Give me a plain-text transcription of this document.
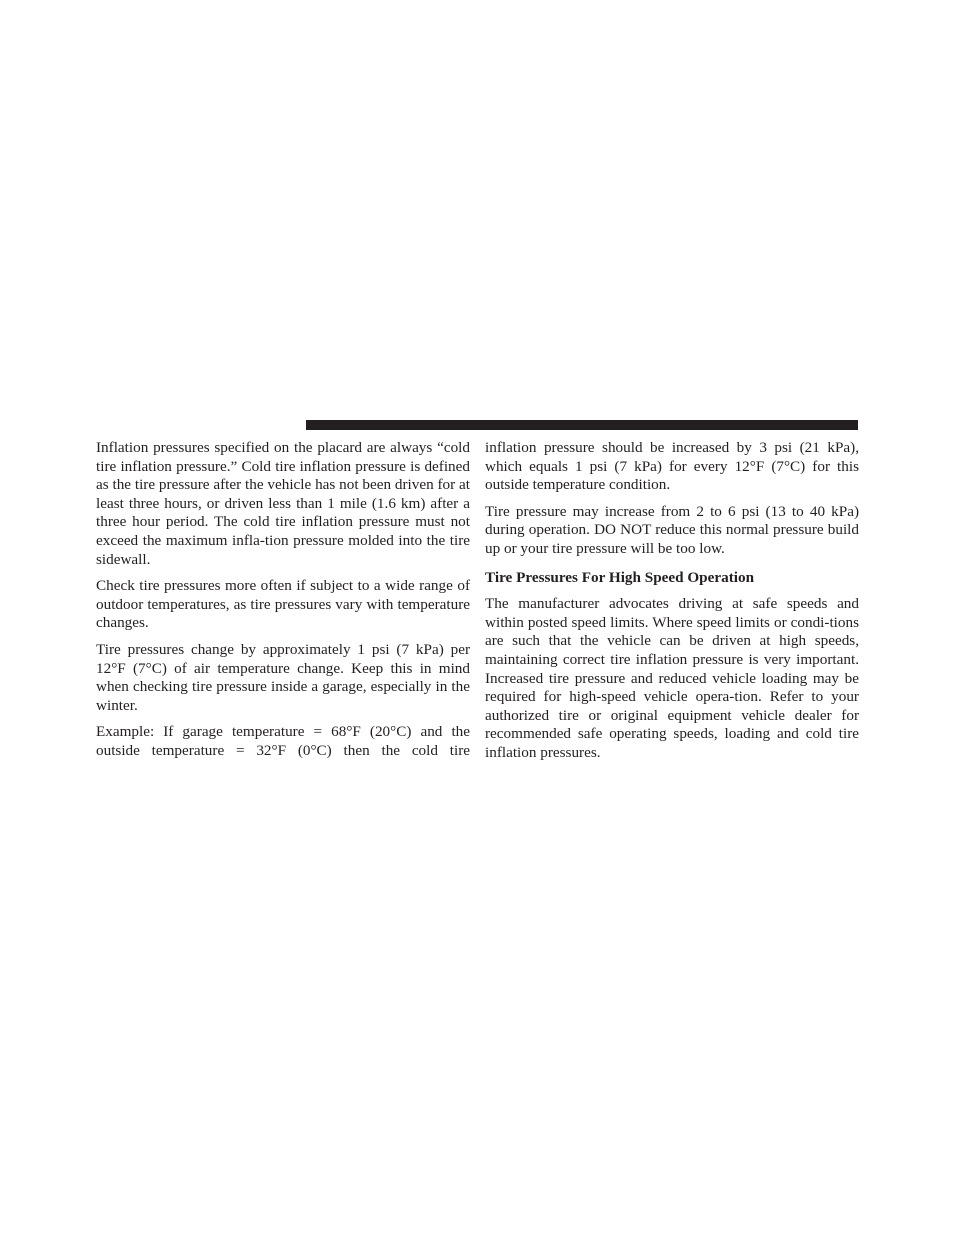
Inflation pressures specified on the placard are always “cold tire inflation pressure.” Cold tire inflation pressure is defined as the tire pressure after the vehicle has not been driven for at least three hours, or driven less than 1 mile (1.6 km) after a three hour period. The cold tire inflation pressure must not exceed the maximum infla-tion pressure molded into the tire sidewall.

Check tire pressures more often if subject to a wide range of outdoor temperatures, as tire pressures vary with temperature changes.

Tire pressures change by approximately 1 psi (7 kPa) per 12°F (7°C) of air temperature change. Keep this in mind when checking tire pressure inside a garage, especially in the winter.

Example: If garage temperature = 68°F (20°C) and the outside temperature = 32°F (0°C) then the cold tire

inflation pressure should be increased by 3 psi (21 kPa), which equals 1 psi (7 kPa) for every 12°F (7°C) for this outside temperature condition.

Tire pressure may increase from 2 to 6 psi (13 to 40 kPa) during operation. DO NOT reduce this normal pressure build up or your tire pressure will be too low.

Tire Pressures For High Speed Operation

The manufacturer advocates driving at safe speeds and within posted speed limits. Where speed limits or condi-tions are such that the vehicle can be driven at high speeds, maintaining correct tire inflation pressure is very important. Increased tire pressure and reduced vehicle loading may be required for high-speed vehicle opera-tion. Refer to your authorized tire or original equipment vehicle dealer for recommended safe operating speeds, loading and cold tire inflation pressures.
